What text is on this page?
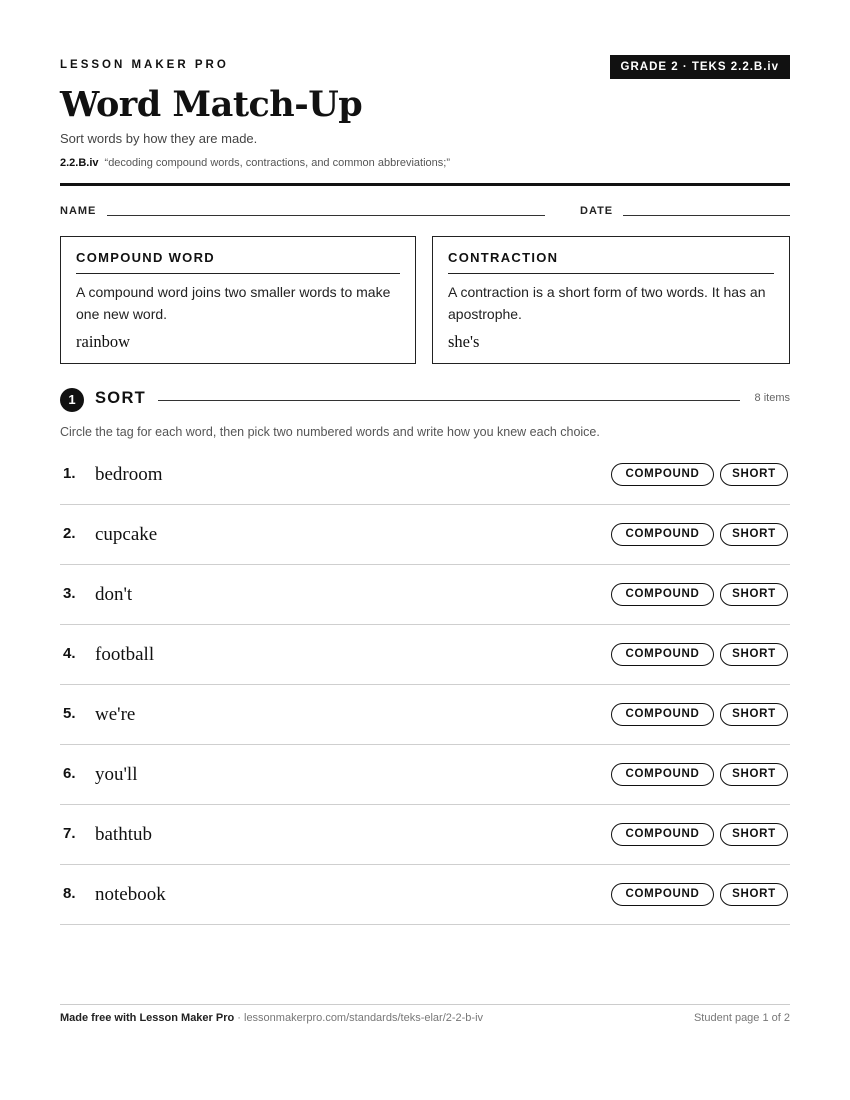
LESSON MAKER PRO	GRADE 2 · TEKS 2.2.B.iv
Word Match-Up
Sort words by how they are made.
2.2.B.iv “decoding compound words, contractions, and common abbreviations;”
NAME	DATE
COMPOUND WORD
A compound word joins two smaller words to make one new word.
rainbow
CONTRACTION
A contraction is a short form of two words. It has an apostrophe.
she's
1	SORT	8 items
Circle the tag for each word, then pick two numbered words and write how you knew each choice.
1. bedroom	COMPOUND	SHORT
2. cupcake	COMPOUND	SHORT
3. don't	COMPOUND	SHORT
4. football	COMPOUND	SHORT
5. we're	COMPOUND	SHORT
6. you'll	COMPOUND	SHORT
7. bathtub	COMPOUND	SHORT
8. notebook	COMPOUND	SHORT
Made free with Lesson Maker Pro · lessonmakerpro.com/standards/teks-elar/2-2-b-iv	Student page 1 of 2
